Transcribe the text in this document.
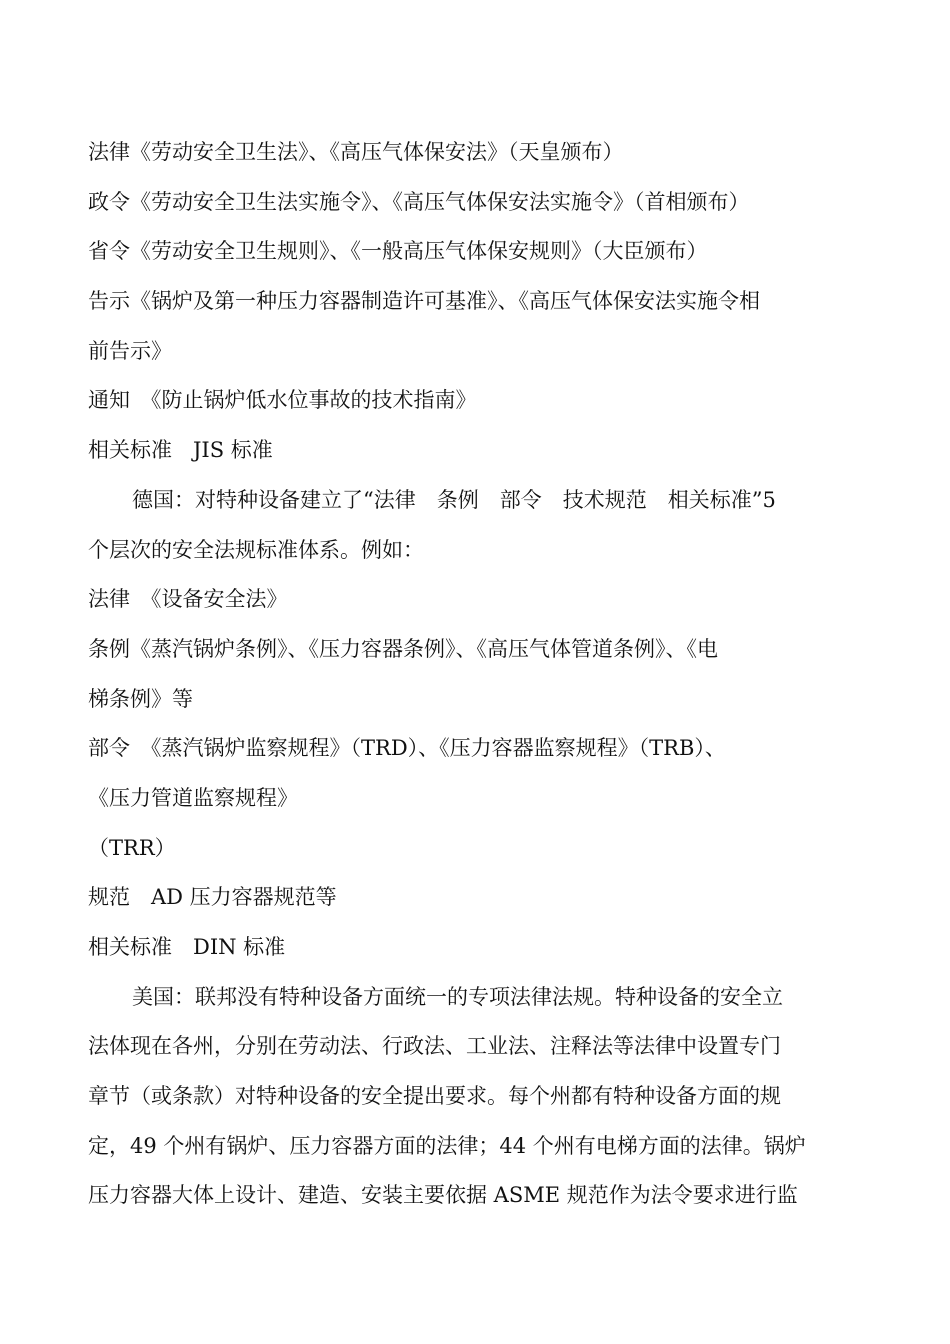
法律《劳动安全卫生法》、《高压气体保安法》（天皇颁布）
政令《劳动安全卫生法实施令》、《高压气体保安法实施令》（首相颁布）
省令《劳动安全卫生规则》、《一般高压气体保安规则》（大臣颁布）
告示《锅炉及第一种压力容器制造许可基准》、《高压气体保安法实施令相
前告示》
通知　《防止锅炉低水位事故的技术指南》
相关标准　JIS 标准
德国：对特种设备建立了“法律　条例　部令　技术规范　相关标准”5
个层次的安全法规标准体系。例如：
法律　《设备安全法》
条例《蒸汽锅炉条例》、《压力容器条例》、《高压气体管道条例》、《电
梯条例》等
部令　《蒸汽锅炉监察规程》（TRD）、《压力容器监察规程》（TRB）、
《压力管道监察规程》
（TRR）
规范　AD 压力容器规范等
相关标准　DIN 标准
美国：联邦没有特种设备方面统一的专项法律法规。特种设备的安全立
法体现在各州，分别在劳动法、行政法、工业法、注释法等法律中设置专门
章节（或条款）对特种设备的安全提出要求。每个州都有特种设备方面的规
定，49 个州有锅炉、压力容器方面的法律；44 个州有电梯方面的法律。锅炉
压力容器大体上设计、建造、安装主要依据 ASME 规范作为法令要求进行监
